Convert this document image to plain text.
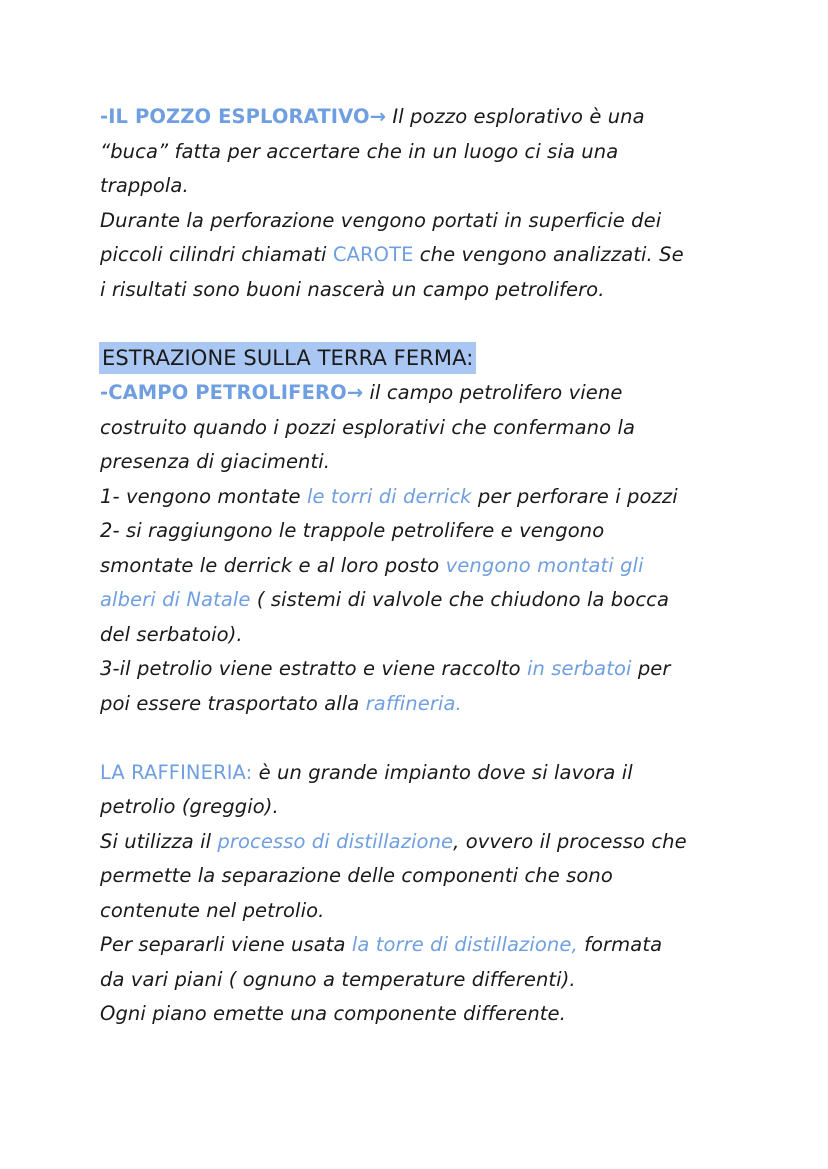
-IL POZZO ESPLORATIVO→ Il pozzo esplorativo è una
“buca” fatta per accertare che in un luogo ci sia una
trappola.
Durante la perforazione vengono portati in superficie dei
piccoli cilindri chiamati CAROTE che vengono analizzati. Se
i risultati sono buoni nascerà un campo petrolifero.
ESTRAZIONE SULLA TERRA FERMA:
-CAMPO PETROLIFERO→ il campo petrolifero viene
costruito quando i pozzi esplorativi che confermano la
presenza di giacimenti.
1- vengono montate le torri di derrick per perforare i pozzi
2- si raggiungono le trappole petrolifere e vengono
smontate le derrick e al loro posto vengono montati gli
alberi di Natale ( sistemi di valvole che chiudono la bocca
del serbatoio).
3-il petrolio viene estratto e viene raccolto in serbatoi per
poi essere trasportato alla raffineria.
LA RAFFINERIA: è un grande impianto dove si lavora il
petrolio (greggio).
Si utilizza il processo di distillazione, ovvero il processo che
permette la separazione delle componenti che sono
contenute nel petrolio.
Per separarli viene usata la torre di distillazione, formata
da vari piani ( ognuno a temperature differenti).
Ogni piano emette una componente differente.
